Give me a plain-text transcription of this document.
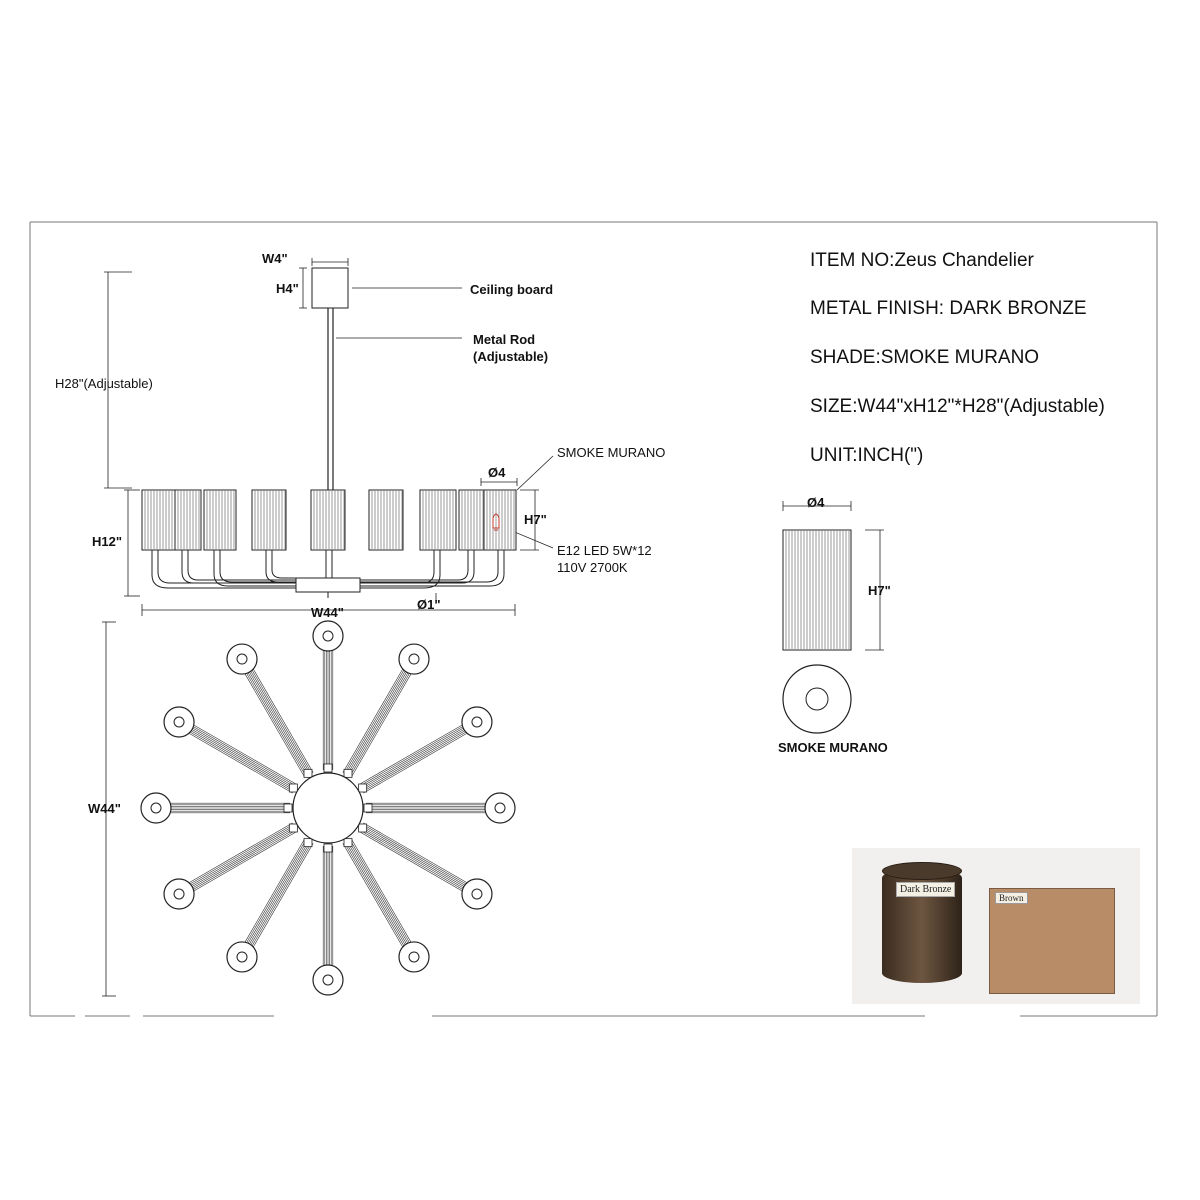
W4"
H4"	Ceiling board
Metal Rod
(Adjustable)
H28"(Adjustable)
SMOKE MURANO
Ø4
H7"
H12"
E12 LED 5W*12
110V 2700K
Ø1"
W44"
W44"
Ø4
H7"
SMOKE MURANO
ITEM NO:Zeus Chandelier
METAL FINISH: DARK BRONZE
SHADE:SMOKE MURANO
SIZE:W44"xH12"*H28"(Adjustable)
UNIT:INCH(")
Dark Bronze
Brown
